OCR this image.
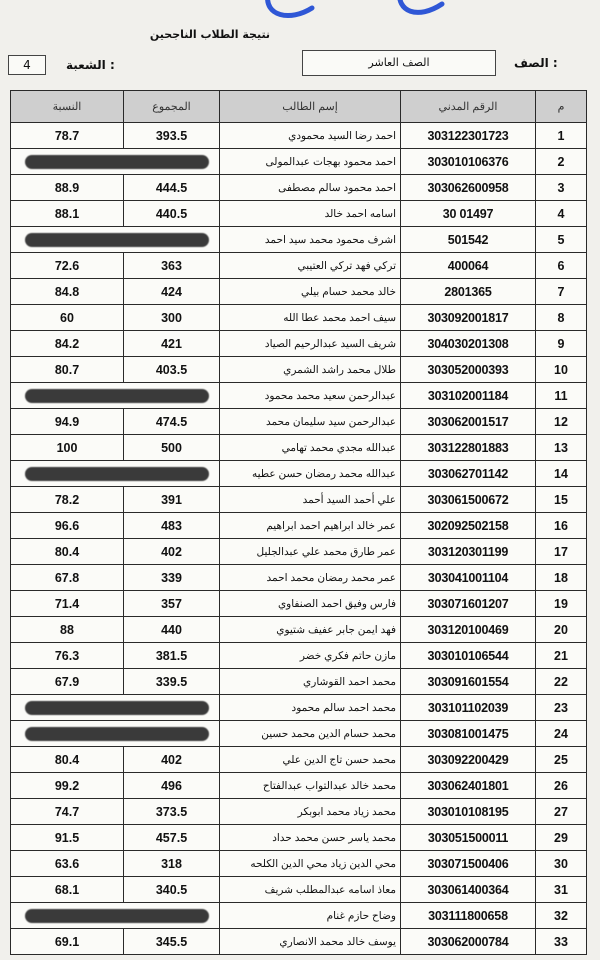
نتيجة الطلاب الناجحين
4	الشعبة :	الصف العاشر	الصف :
النسبة	المجموع	إسم الطالب	الرقم المدني	م
78.7	393.5	احمد رضا السيد محمودي	303122301723	1
		احمد محمود بهجات عبدالمولى	303010106376	2
88.9	444.5	احمد محمود سالم مصطفى	303062600958	3
88.1	440.5	اسامه احمد خالد	30 01497	4
		اشرف محمود محمد سيد احمد	501542	5
72.6	363	تركي فهد تركي العتيبي	400064	6
84.8	424	خالد محمد حسام بيلي	2801365	7
60	300	سيف احمد محمد عطا الله	303092001817	8
84.2	421	شريف السيد عبدالرحيم الصياد	304030201308	9
80.7	403.5	طلال محمد راشد الشمري	303052000393	10
		عبدالرحمن سعيد محمد محمود	303102001184	11
94.9	474.5	عبدالرحمن سيد سليمان محمد	303062001517	12
100	500	عبدالله مجدي محمد تهامي	303122801883	13
		عبدالله محمد رمضان حسن عطيه	303062701142	14
78.2	391	علي أحمد السيد أحمد	303061500672	15
96.6	483	عمر خالد ابراهيم احمد ابراهيم	302092502158	16
80.4	402	عمر طارق محمد علي عبدالجليل	303120301199	17
67.8	339	عمر محمد رمضان محمد احمد	303041001104	18
71.4	357	فارس وفيق احمد الصنفاوي	303071601207	19
88	440	فهد ايمن جابر عفيف شتيوي	303120100469	20
76.3	381.5	مازن حاتم فكري خضر	303010106544	21
67.9	339.5	محمد احمد القوشاري	303091601554	22
		محمد احمد سالم محمود	303101102039	23
		محمد حسام الدين محمد حسين	303081001475	24
80.4	402	محمد حسن تاج الدين علي	303092200429	25
99.2	496	محمد خالد عبدالتواب عبدالفتاح	303062401801	26
74.7	373.5	محمد زياد محمد ابوبكر	303010108195	27
91.5	457.5	محمد ياسر حسن محمد حداد	303051500011	29
63.6	318	محي الدين زياد محي الدين الكلحه	303071500406	30
68.1	340.5	معاذ اسامه عبدالمطلب شريف	303061400364	31
		وضاح حازم غنام	303111800658	32
69.1	345.5	يوسف خالد محمد الانصاري	303062000784	33
